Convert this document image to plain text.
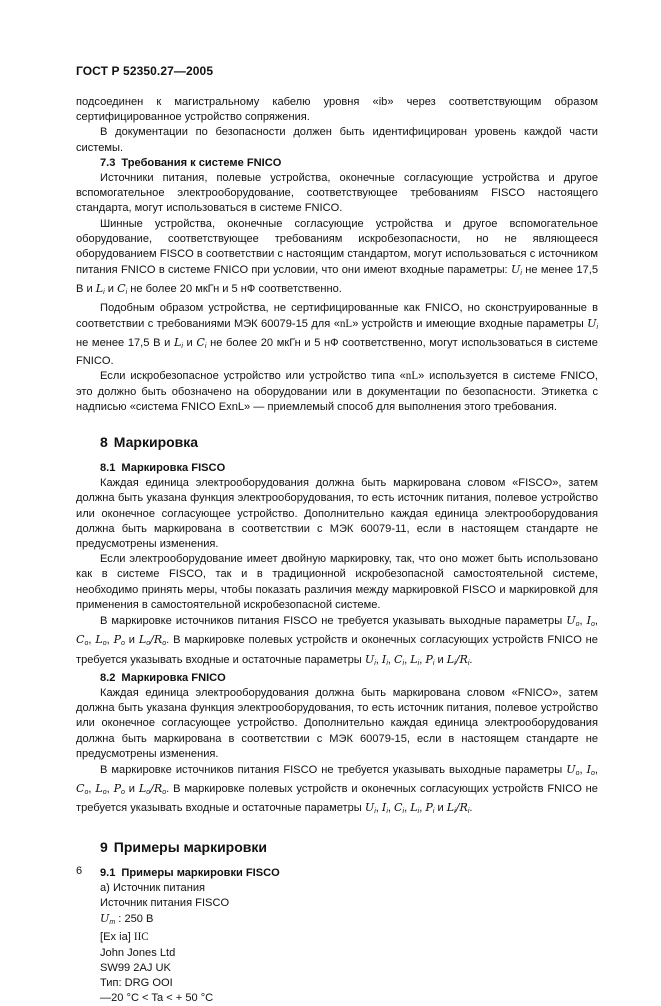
ГОСТ Р 52350.27—2005

подсоединен к магистральному кабелю уровня «ib» через соответствующим образом сертифицированное устройство сопряжения.

В документации по безопасности должен быть идентифицирован уровень каждой части системы.

7.3 Требования к системе FNICO

Источники питания, полевые устройства, оконечные согласующие устройства и другое вспомогательное электрооборудование, соответствующее требованиям FISCO настоящего стандарта, могут использоваться в системе FNICO.

Шинные устройства, оконечные согласующие устройства и другое вспомогательное оборудование, соответствующее требованиям искробезопасности, но не являющееся оборудованием FISCO в соответствии с настоящим стандартом, могут использоваться с источником питания FNICO в системе FNICO при условии, что они имеют входные параметры: $U_i$ не менее 17,5 В и $L_i$ и $C_i$ не более 20 мкГн и 5 нФ соответственно.

Подобным образом устройства, не сертифицированные как FNICO, но сконструированные в соответствии с требованиями МЭК 60079-15 для «nL» устройств и имеющие входные параметры $U_i$ не менее 17,5 В и $L_i$ и $C_i$ не более 20 мкГн и 5 нФ соответственно, могут использоваться в системе FNICO.

Если искробезопасное устройство или устройство типа «nL» используется в системе FNICO, это должно быть обозначено на оборудовании или в документации по безопасности. Этикетка с надписью «система FNICO ExnL» — приемлемый способ для выполнения этого требования.

8 Маркировка
8.1 Маркировка FISCO

Каждая единица электрооборудования должна быть маркирована словом «FISCO», затем должна быть указана функция электрооборудования, то есть источник питания, полевое устройство или оконечное согласующее устройство. Дополнительно каждая единица электрооборудования должна быть маркирована в соответствии с МЭК 60079-11, если в настоящем стандарте не предусмотрены изменения.

Если электрооборудование имеет двойную маркировку, так, что оно может быть использовано как в системе FISCO, так и в традиционной искробезопасной самостоятельной системе, необходимо принять меры, чтобы показать различия между маркировкой FISCO и маркировкой для применения в самостоятельной искробезопасной системе.

В маркировке источников питания FISCO не требуется указывать выходные параметры $U_o$, $I_o$, $C_o$, $L_o$, $P_o$ и $L_o/R_o$. В маркировке полевых устройств и оконечных согласующих устройств FNICO не требуется указывать входные и остаточные параметры $U_i$, $I_i$, $C_i$, $L_i$, $P_i$ и $L_i/R_i$.

8.2 Маркировка FNICO

Каждая единица электрооборудования должна быть маркирована словом «FNICO», затем должна быть указана функция электрооборудования, то есть источник питания, полевое устройство или оконечное согласующее устройство. Дополнительно каждая единица электрооборудования должна быть маркирована в соответствии с МЭК 60079-15, если в настоящем стандарте не предусмотрены изменения.

В маркировке источников питания FISCO не требуется указывать выходные параметры $U_o$, $I_o$, $C_o$, $L_o$, $P_o$ и $L_o/R_o$. В маркировке полевых устройств и оконечных согласующих устройств FNICO не требуется указывать входные и остаточные параметры $U_i$, $I_i$, $C_i$, $L_i$, $P_i$ и $L_i/R_i$.

9 Примеры маркировки
9.1 Примеры маркировки FISCO
a) Источник питания
Источник питания FISCO
$U_m$ : 250 В
[Ex ia] IIC
John Jones Ltd
SW99 2AJ UK
Тип: DRG OOI
—20 °C < Ta < + 50 °C
6
